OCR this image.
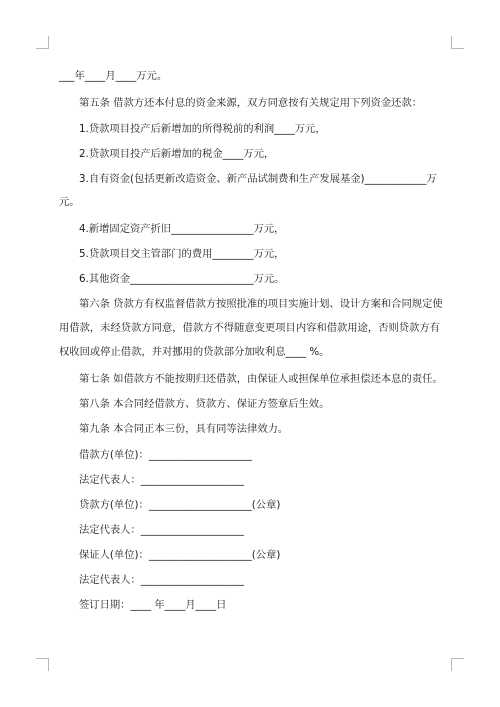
___年____月____万元。
第五条 借款方还本付息的资金来源，双方同意按有关规定用下列资金还款：
1.贷款项目投产后新增加的所得税前的利润____万元，
2.贷款项目投产后新增加的税金____万元，
3.自有资金(包括更新改造资金、新产品试制费和生产发展基金)____________万
元。
4.新增固定资产折旧________________万元，
5.贷款项目交主管部门的费用________万元，
6.其他资金________________________万元。
第六条 贷款方有权监督借款方按照批准的项目实施计划、设计方案和合同规定使
用借款，未经贷款方同意，借款方不得随意变更项目内容和借款用途，否则贷款方有
权收回或停止借款，并对挪用的贷款部分加收利息____ %。
第七条 如借款方不能按期归还借款，由保证人或担保单位承担偿还本息的责任。
第八条 本合同经借款方、贷款方、保证方签章后生效。
第九条 本合同正本三份，具有同等法律效力。
借款方(单位)：____________________
法定代表人：____________________
贷款方(单位)：____________________(公章)
法定代表人：____________________
保证人(单位)：____________________(公章)
法定代表人：____________________
签订日期：____ 年____月____日
